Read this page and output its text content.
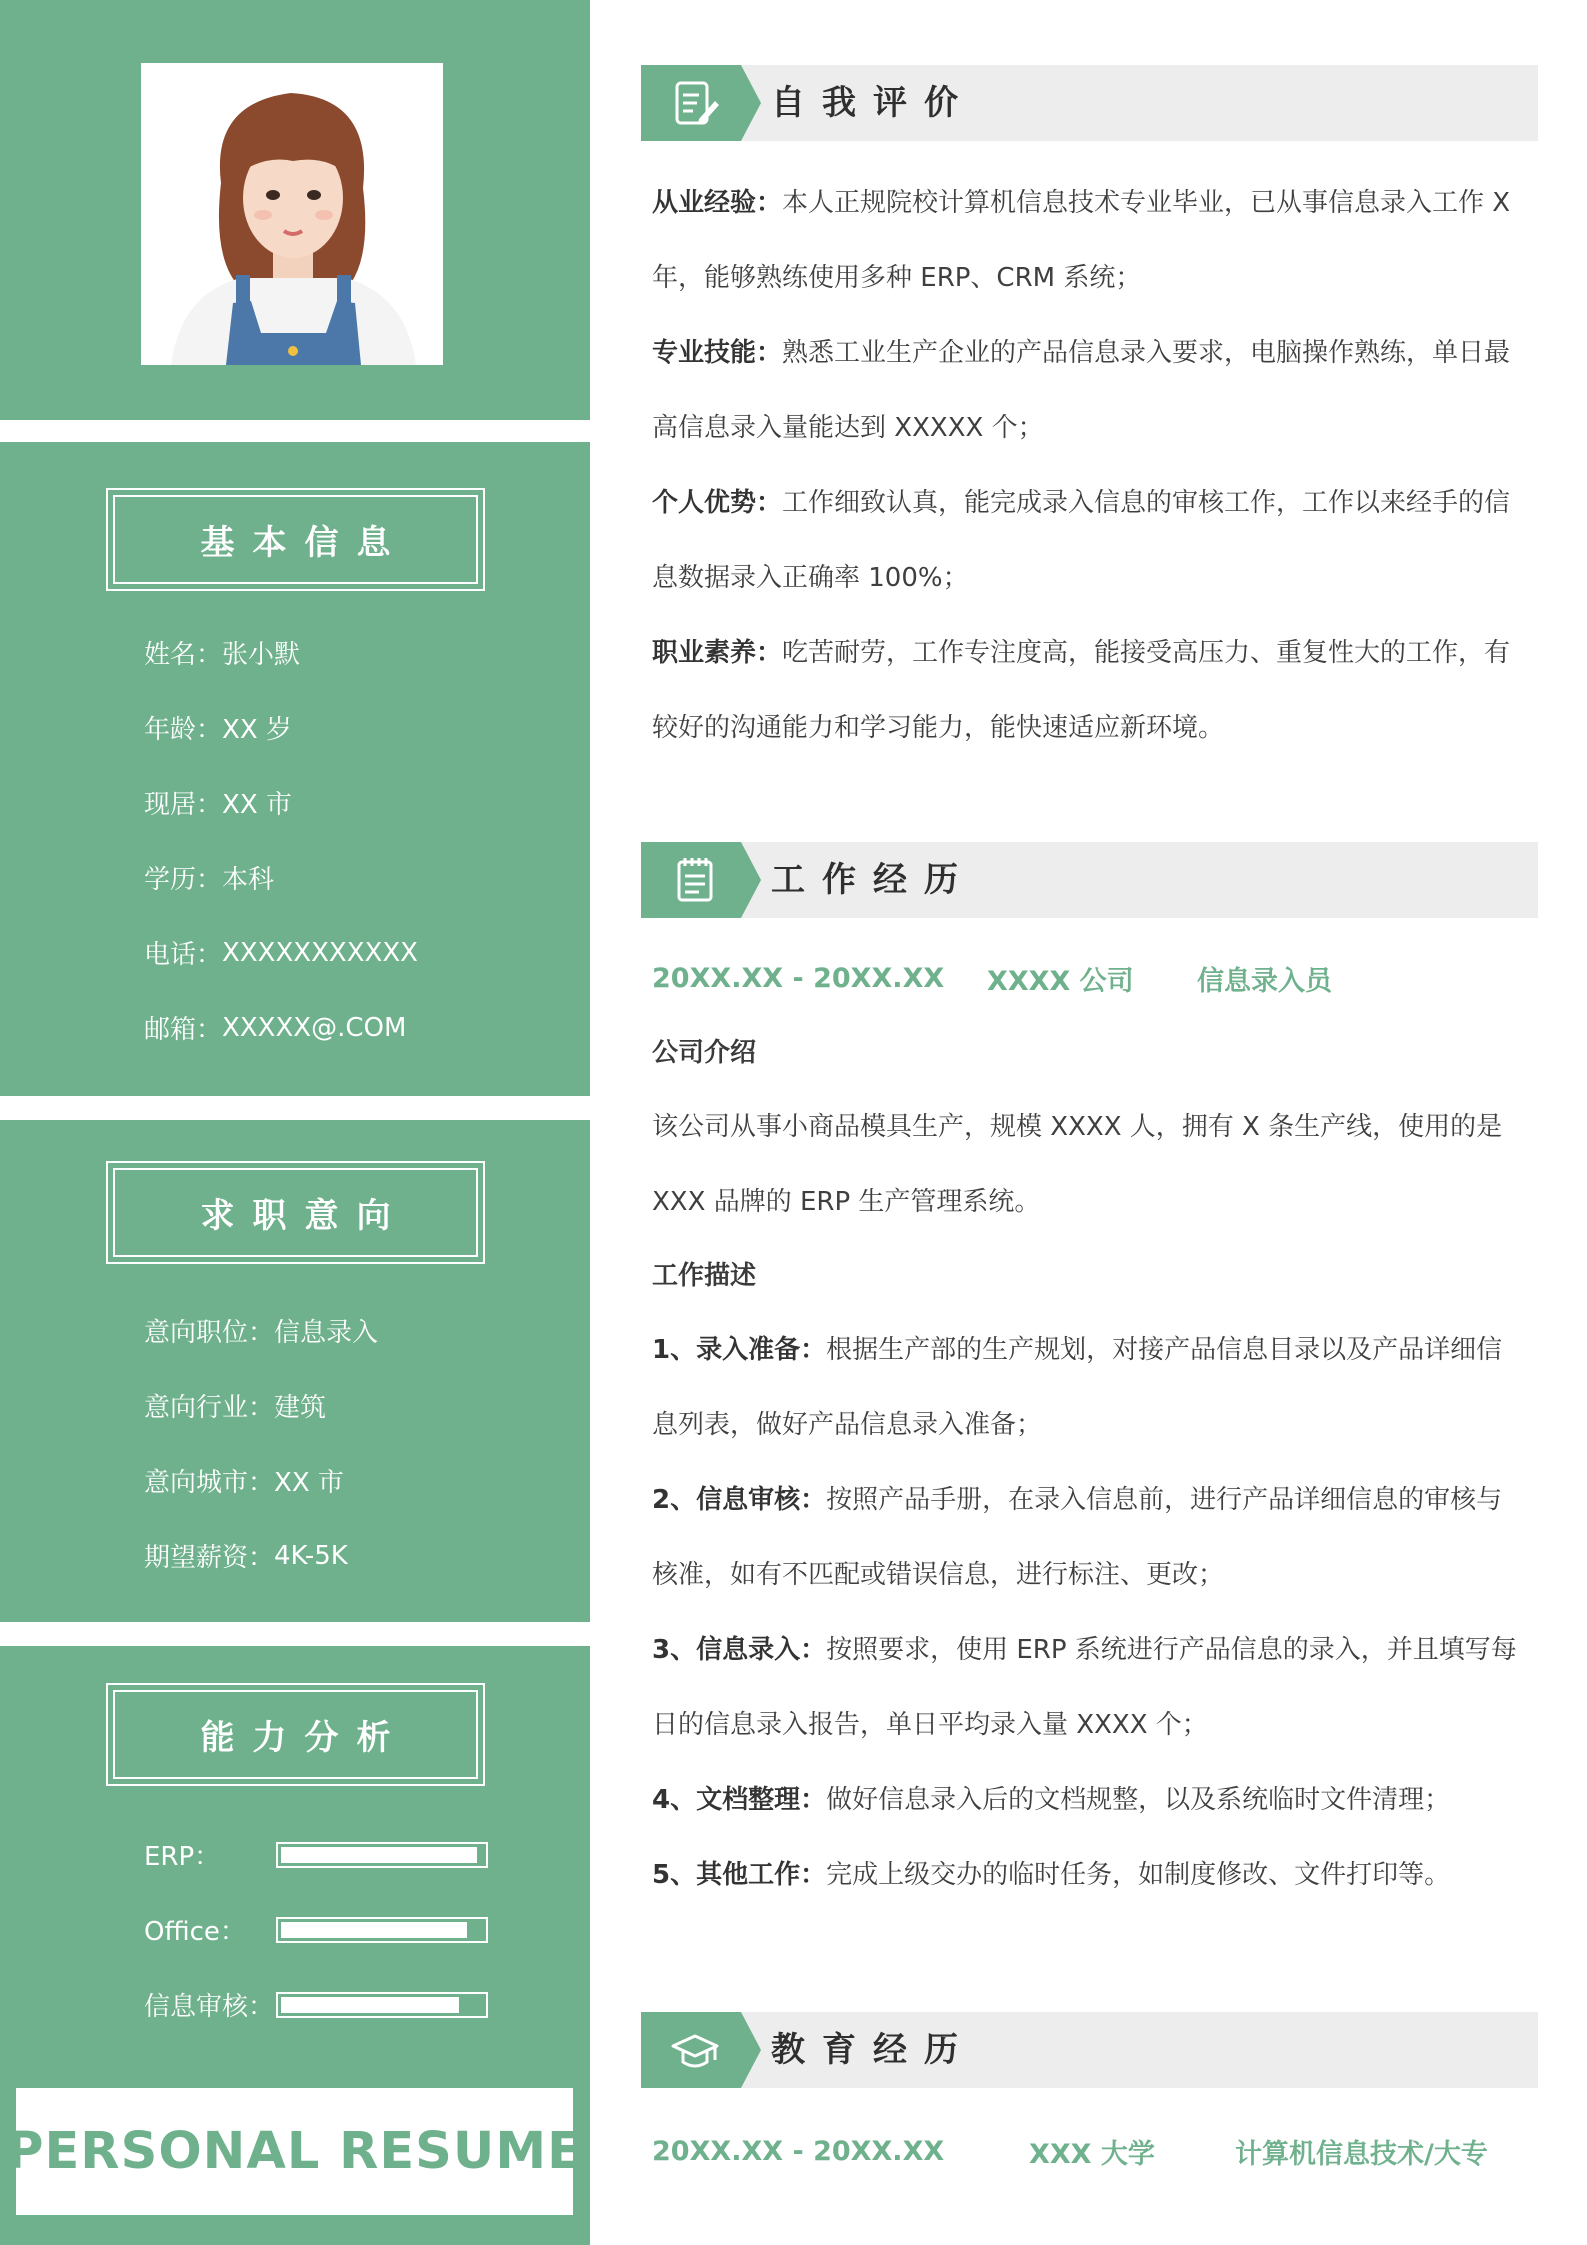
基本信息
姓名： 张小默
年龄： XX 岁
现居： XX 市
学历： 本科
电话： XXXXXXXXXXX
邮箱： XXXXX@.COM
求职意向
意向职位： 信息录入
意向行业： 建筑
意向城市： XX 市
期望薪资： 4K-5K
能力分析
ERP：
Office：
信息审核：
PERSONAL RESUME
自我评价

从业经验：本人正规院校计算机信息技术专业毕业，已从事信息录入工作 X 年，能够熟练使用多种 ERP、CRM 系统；

专业技能：熟悉工业生产企业的产品信息录入要求，电脑操作熟练，单日最高信息录入量能达到 XXXXX 个；

个人优势：工作细致认真，能完成录入信息的审核工作，工作以来经手的信息数据录入正确率 100%；

职业素养：吃苦耐劳，工作专注度高，能接受高压力、重复性大的工作，有较好的沟通能力和学习能力，能快速适应新环境。

工作经历
20XX.XX - 20XX.XX	XXXX 公司	信息录入员
公司介绍

该公司从事小商品模具生产，规模 XXXX 人，拥有 X 条生产线，使用的是 XXX 品牌的 ERP 生产管理系统。

工作描述

1、录入准备：根据生产部的生产规划，对接产品信息目录以及产品详细信息列表，做好产品信息录入准备；

2、信息审核：按照产品手册，在录入信息前，进行产品详细信息的审核与核准，如有不匹配或错误信息，进行标注、更改；

3、信息录入：按照要求，使用 ERP 系统进行产品信息的录入，并且填写每日的信息录入报告，单日平均录入量 XXXX 个；

4、文档整理：做好信息录入后的文档规整，以及系统临时文件清理；

5、其他工作：完成上级交办的临时任务，如制度修改、文件打印等。

教育经历
20XX.XX - 20XX.XX	XXX 大学	计算机信息技术/大专
